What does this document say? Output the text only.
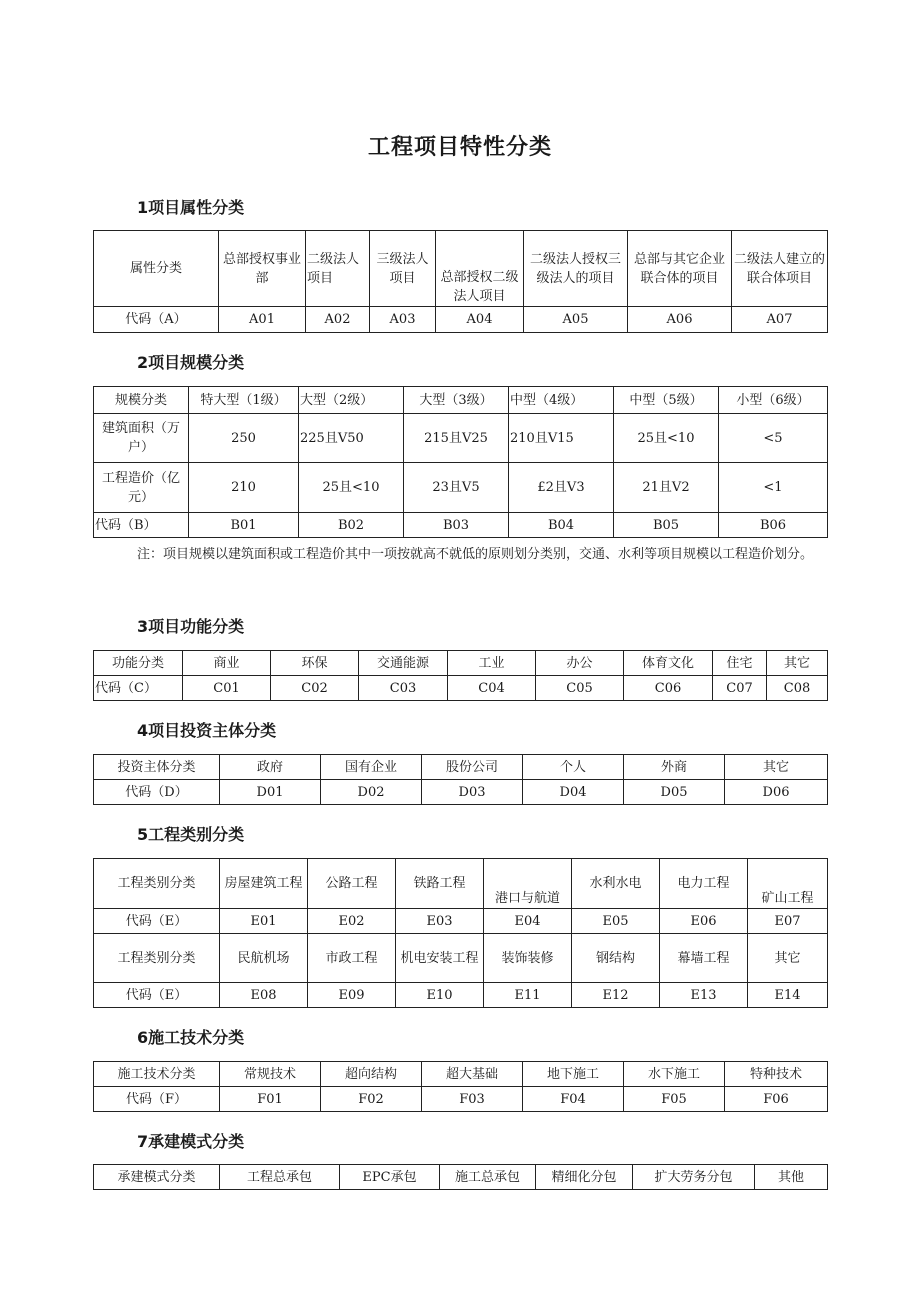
工程项目特性分类
1项目属性分类
属性分类	总部授权事业部	二级法人项目	三级法人项目	总部授权二级法人项目	二级法人授权三级法人的项目	总部与其它企业联合体的项目	二级法人建立的联合体项目
代码（A）	A01	A02	A03	A04	A05	A06	A07
2项目规模分类
规模分类	特大型（1级）	大型（2级）	大型（3级）	中型（4级）	中型（5级）	小型（6级）
建筑面积（万户）	250	225且V50	215且V25	210且V15	25且<10	<5
工程造价（亿元）	210	25且<10	23且V5	£2且V3	21且V2	<1
代码（B）	B01	B02	B03	B04	B05	B06
注：项目规模以建筑面积或工程造价其中一项按就高不就低的原则划分类别，交通、水利等项目规模以工程造价划分。
3项目功能分类
功能分类	商业	环保	交通能源	工业	办公	体育文化	住宅	其它
代码（C）	C01	C02	C03	C04	C05	C06	C07	C08
4项目投资主体分类
投资主体分类	政府	国有企业	股份公司	个人	外商	其它
代码（D）	D01	D02	D03	D04	D05	D06
5工程类别分类
工程类别分类	房屋建筑工程	公路工程	铁路工程	港口与航道	水利水电	电力工程	矿山工程
代码（E）	E01	E02	E03	E04	E05	E06	E07
工程类别分类	民航机场	市政工程	机电安装工程	装饰装修	钢结构	幕墙工程	其它
代码（E）	E08	E09	E10	E11	E12	E13	E14
6施工技术分类
施工技术分类	常规技术	超向结构	超大基础	地下施工	水下施工	特种技术
代码（F）	F01	F02	F03	F04	F05	F06
7承建模式分类
承建模式分类	工程总承包	EPC承包	施工总承包	精细化分包	扩大劳务分包	其他
